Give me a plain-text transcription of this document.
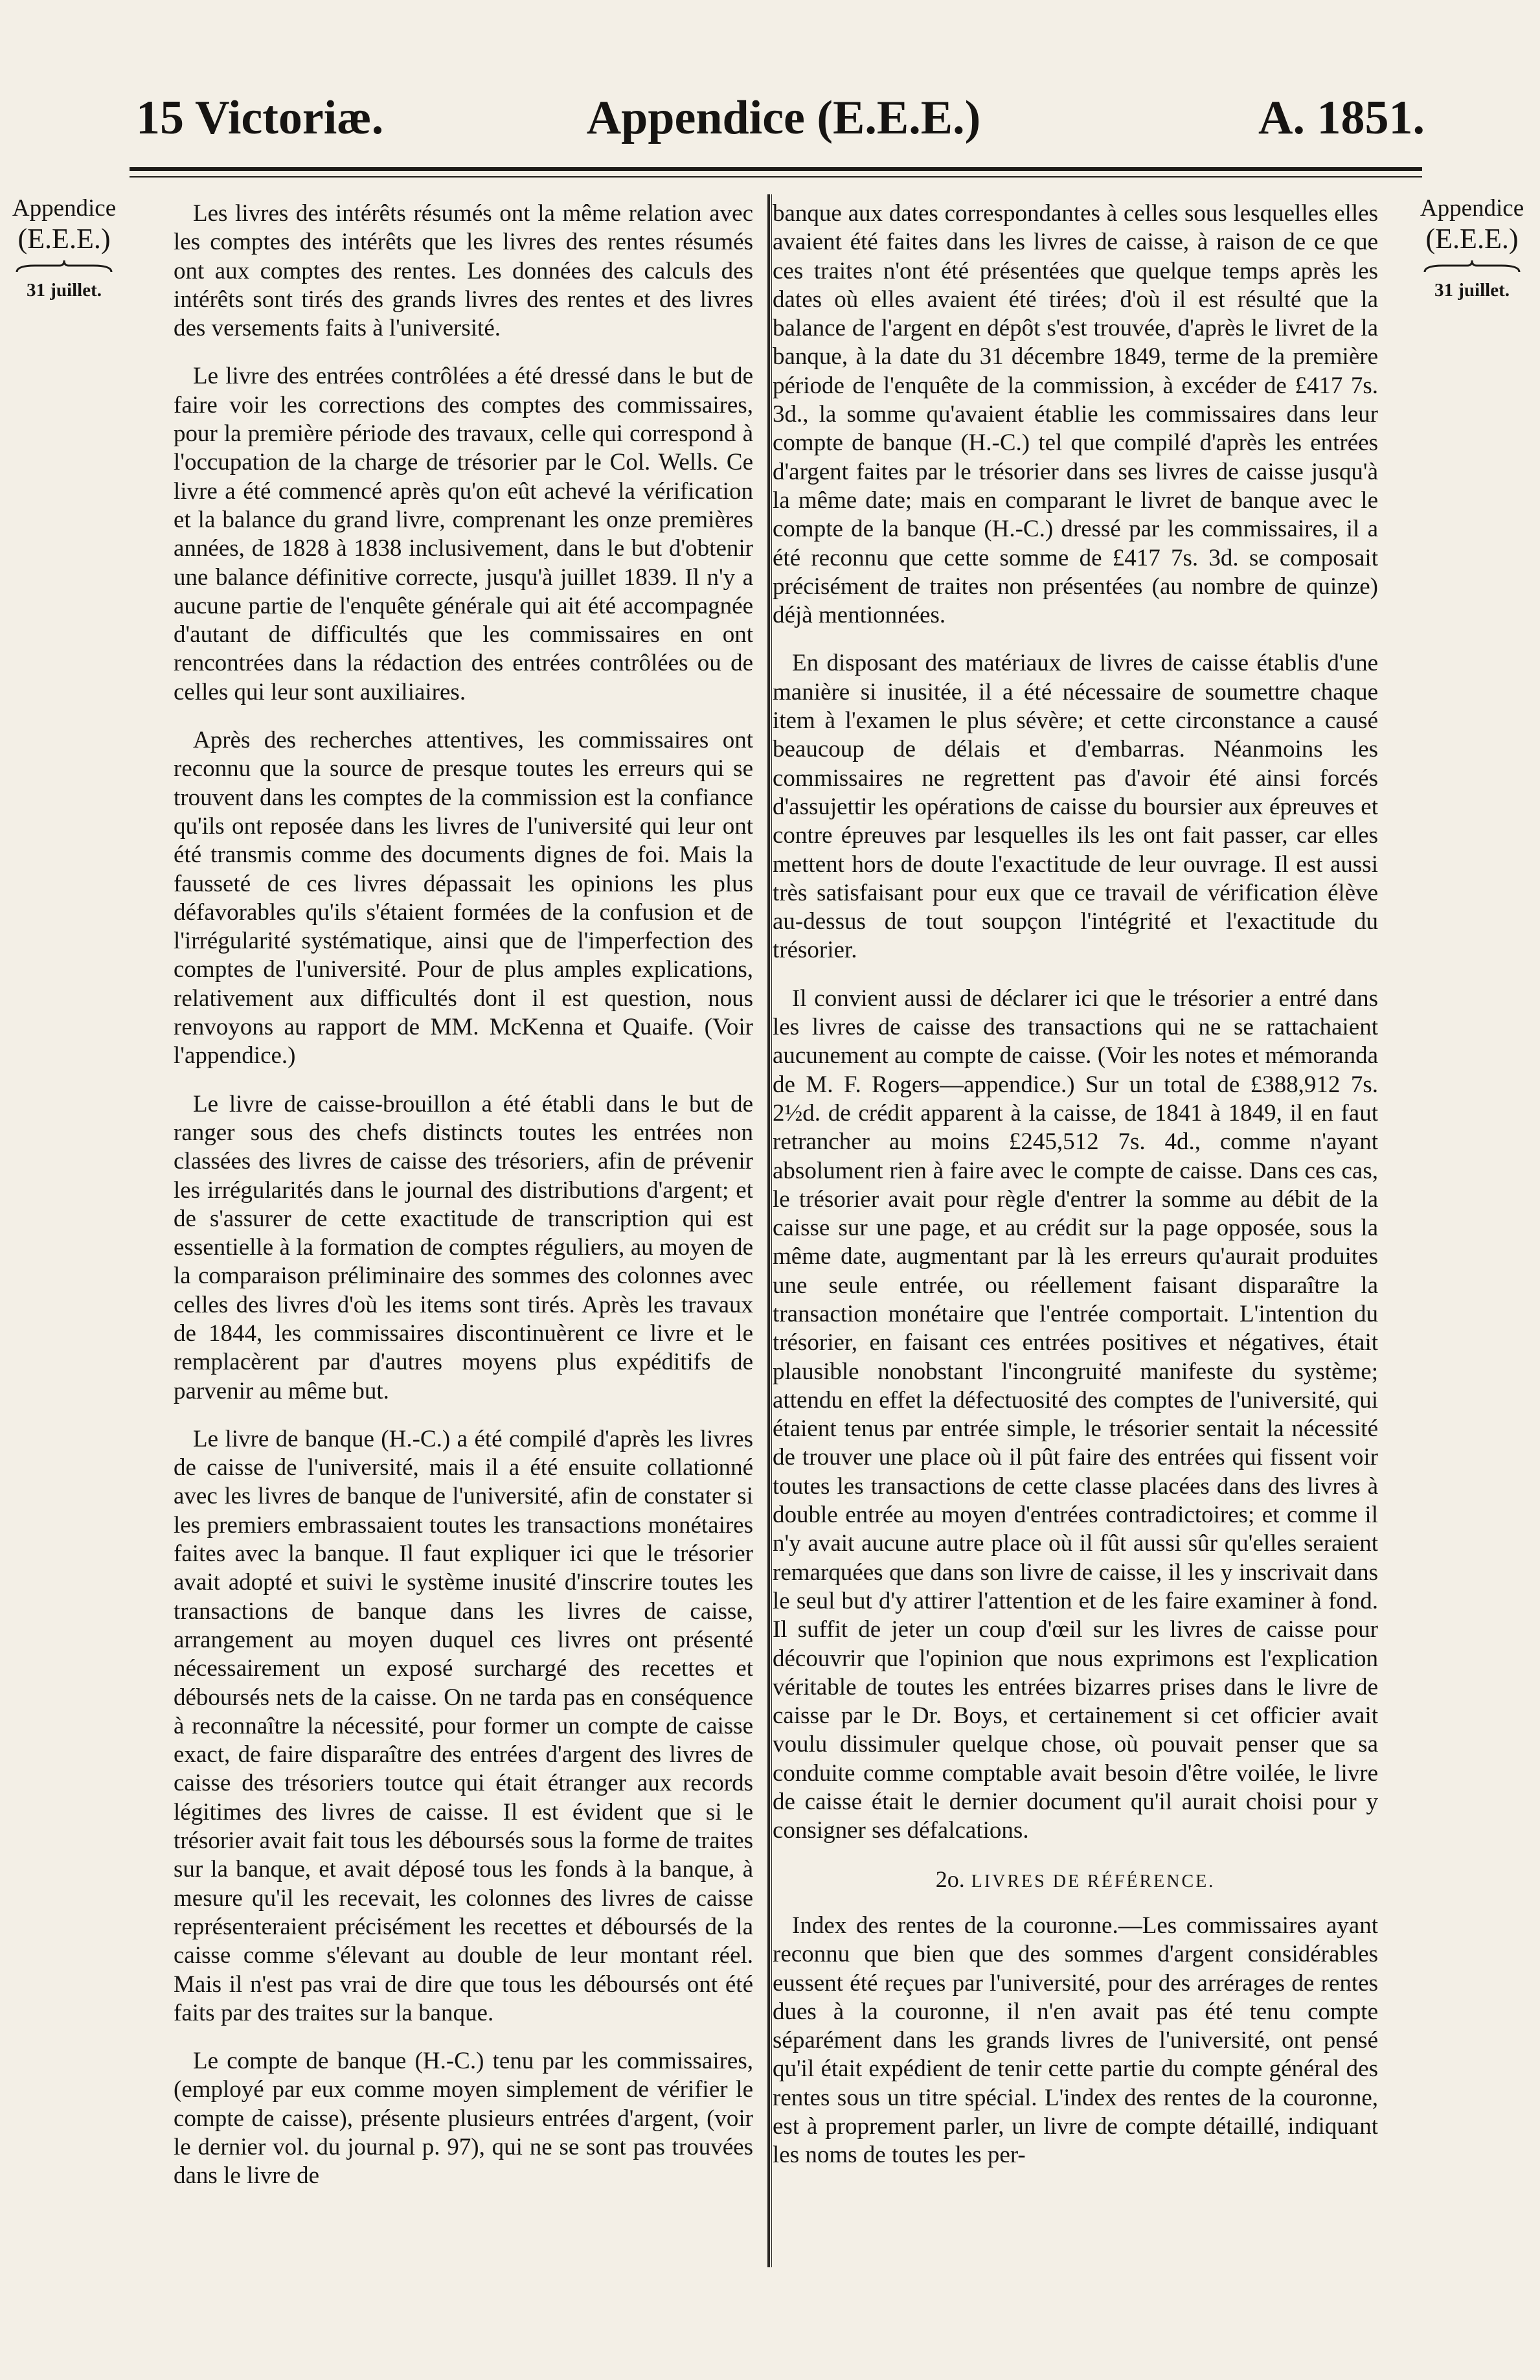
15 Victoriæ.	Appendice (E.E.E.)	A. 1851.
Appendice
(E.E.E.)
31 juillet.
Appendice
(E.E.E.)
31 juillet.

Les livres des intérêts résumés ont la même relation avec les comptes des intérêts que les livres des rentes résumés ont aux comptes des rentes. Les données des calculs des intérêts sont tirés des grands livres des rentes et des livres des versements faits à l'université.

Le livre des entrées contrôlées a été dressé dans le but de faire voir les corrections des comptes des commissaires, pour la première période des travaux, celle qui correspond à l'occupation de la charge de trésorier par le Col. Wells. Ce livre a été commencé après qu'on eût achevé la vérification et la balance du grand livre, comprenant les onze premières années, de 1828 à 1838 inclusivement, dans le but d'obtenir une balance définitive correcte, jusqu'à juillet 1839. Il n'y a aucune partie de l'enquête générale qui ait été accompagnée d'autant de difficultés que les commissaires en ont rencontrées dans la rédaction des entrées contrôlées ou de celles qui leur sont auxiliaires.

Après des recherches attentives, les commissaires ont reconnu que la source de presque toutes les erreurs qui se trouvent dans les comptes de la commission est la confiance qu'ils ont reposée dans les livres de l'université qui leur ont été transmis comme des documents dignes de foi. Mais la fausseté de ces livres dépassait les opinions les plus défavorables qu'ils s'étaient formées de la confusion et de l'irrégularité systématique, ainsi que de l'imperfection des comptes de l'université. Pour de plus amples explications, relativement aux difficultés dont il est question, nous renvoyons au rapport de MM. McKenna et Quaife. (Voir l'appendice.)

Le livre de caisse-brouillon a été établi dans le but de ranger sous des chefs distincts toutes les entrées non classées des livres de caisse des trésoriers, afin de prévenir les irrégularités dans le journal des distributions d'argent; et de s'assurer de cette exactitude de transcription qui est essentielle à la formation de comptes réguliers, au moyen de la comparaison préliminaire des sommes des colonnes avec celles des livres d'où les items sont tirés. Après les travaux de 1844, les commissaires discontinuèrent ce livre et le remplacèrent par d'autres moyens plus expéditifs de parvenir au même but.

Le livre de banque (H.-C.) a été compilé d'après les livres de caisse de l'université, mais il a été ensuite collationné avec les livres de banque de l'université, afin de constater si les premiers embrassaient toutes les transactions monétaires faites avec la banque. Il faut expliquer ici que le trésorier avait adopté et suivi le système inusité d'inscrire toutes les transactions de banque dans les livres de caisse, arrangement au moyen duquel ces livres ont présenté nécessairement un exposé surchargé des recettes et déboursés nets de la caisse. On ne tarda pas en conséquence à reconnaître la nécessité, pour former un compte de caisse exact, de faire disparaître des entrées d'argent des livres de caisse des trésoriers toutce qui était étranger aux records légitimes des livres de caisse. Il est évident que si le trésorier avait fait tous les déboursés sous la forme de traites sur la banque, et avait déposé tous les fonds à la banque, à mesure qu'il les recevait, les colonnes des livres de caisse représenteraient précisément les recettes et déboursés de la caisse comme s'élevant au double de leur montant réel. Mais il n'est pas vrai de dire que tous les déboursés ont été faits par des traites sur la banque.

Le compte de banque (H.-C.) tenu par les commissaires, (employé par eux comme moyen simplement de vérifier le compte de caisse), présente plusieurs entrées d'argent, (voir le dernier vol. du journal p. 97), qui ne se sont pas trouvées dans le livre de

banque aux dates correspondantes à celles sous lesquelles elles avaient été faites dans les livres de caisse, à raison de ce que ces traites n'ont été présentées que quelque temps après les dates où elles avaient été tirées; d'où il est résulté que la balance de l'argent en dépôt s'est trouvée, d'après le livret de la banque, à la date du 31 décembre 1849, terme de la première période de l'enquête de la commission, à excéder de £417 7s. 3d., la somme qu'avaient établie les commissaires dans leur compte de banque (H.-C.) tel que compilé d'après les entrées d'argent faites par le trésorier dans ses livres de caisse jusqu'à la même date; mais en comparant le livret de banque avec le compte de la banque (H.-C.) dressé par les commissaires, il a été reconnu que cette somme de £417 7s. 3d. se composait précisément de traites non présentées (au nombre de quinze) déjà mentionnées.

En disposant des matériaux de livres de caisse établis d'une manière si inusitée, il a été nécessaire de soumettre chaque item à l'examen le plus sévère; et cette circonstance a causé beaucoup de délais et d'embarras. Néanmoins les commissaires ne regrettent pas d'avoir été ainsi forcés d'assujettir les opérations de caisse du boursier aux épreuves et contre épreuves par lesquelles ils les ont fait passer, car elles mettent hors de doute l'exactitude de leur ouvrage. Il est aussi très satisfaisant pour eux que ce travail de vérification élève au-dessus de tout soupçon l'intégrité et l'exactitude du trésorier.

Il convient aussi de déclarer ici que le trésorier a entré dans les livres de caisse des transactions qui ne se rattachaient aucunement au compte de caisse. (Voir les notes et mémoranda de M. F. Rogers—appendice.) Sur un total de £388,912 7s. 2½d. de crédit apparent à la caisse, de 1841 à 1849, il en faut retrancher au moins £245,512 7s. 4d., comme n'ayant absolument rien à faire avec le compte de caisse. Dans ces cas, le trésorier avait pour règle d'entrer la somme au débit de la caisse sur une page, et au crédit sur la page opposée, sous la même date, augmentant par là les erreurs qu'aurait produites une seule entrée, ou réellement faisant disparaître la transaction monétaire que l'entrée comportait. L'intention du trésorier, en faisant ces entrées positives et négatives, était plausible nonobstant l'incongruité manifeste du système; attendu en effet la défectuosité des comptes de l'université, qui étaient tenus par entrée simple, le trésorier sentait la nécessité de trouver une place où il pût faire des entrées qui fissent voir toutes les transactions de cette classe placées dans des livres à double entrée au moyen d'entrées contradictoires; et comme il n'y avait aucune autre place où il fût aussi sûr qu'elles seraient remarquées que dans son livre de caisse, il les y inscrivait dans le seul but d'y attirer l'attention et de les faire examiner à fond. Il suffit de jeter un coup d'œil sur les livres de caisse pour découvrir que l'opinion que nous exprimons est l'explication véritable de toutes les entrées bizarres prises dans le livre de caisse par le Dr. Boys, et certainement si cet officier avait voulu dissimuler quelque chose, où pouvait penser que sa conduite comme comptable avait besoin d'être voilée, le livre de caisse était le dernier document qu'il aurait choisi pour y consigner ses défalcations.

2o. LIVRES DE RÉFÉRENCE.

Index des rentes de la couronne.—Les commissaires ayant reconnu que bien que des sommes d'argent considérables eussent été reçues par l'université, pour des arrérages de rentes dues à la couronne, il n'en avait pas été tenu compte séparément dans les grands livres de l'université, ont pensé qu'il était expédient de tenir cette partie du compte général des rentes sous un titre spécial. L'index des rentes de la couronne, est à proprement parler, un livre de compte détaillé, indiquant les noms de toutes les per-
